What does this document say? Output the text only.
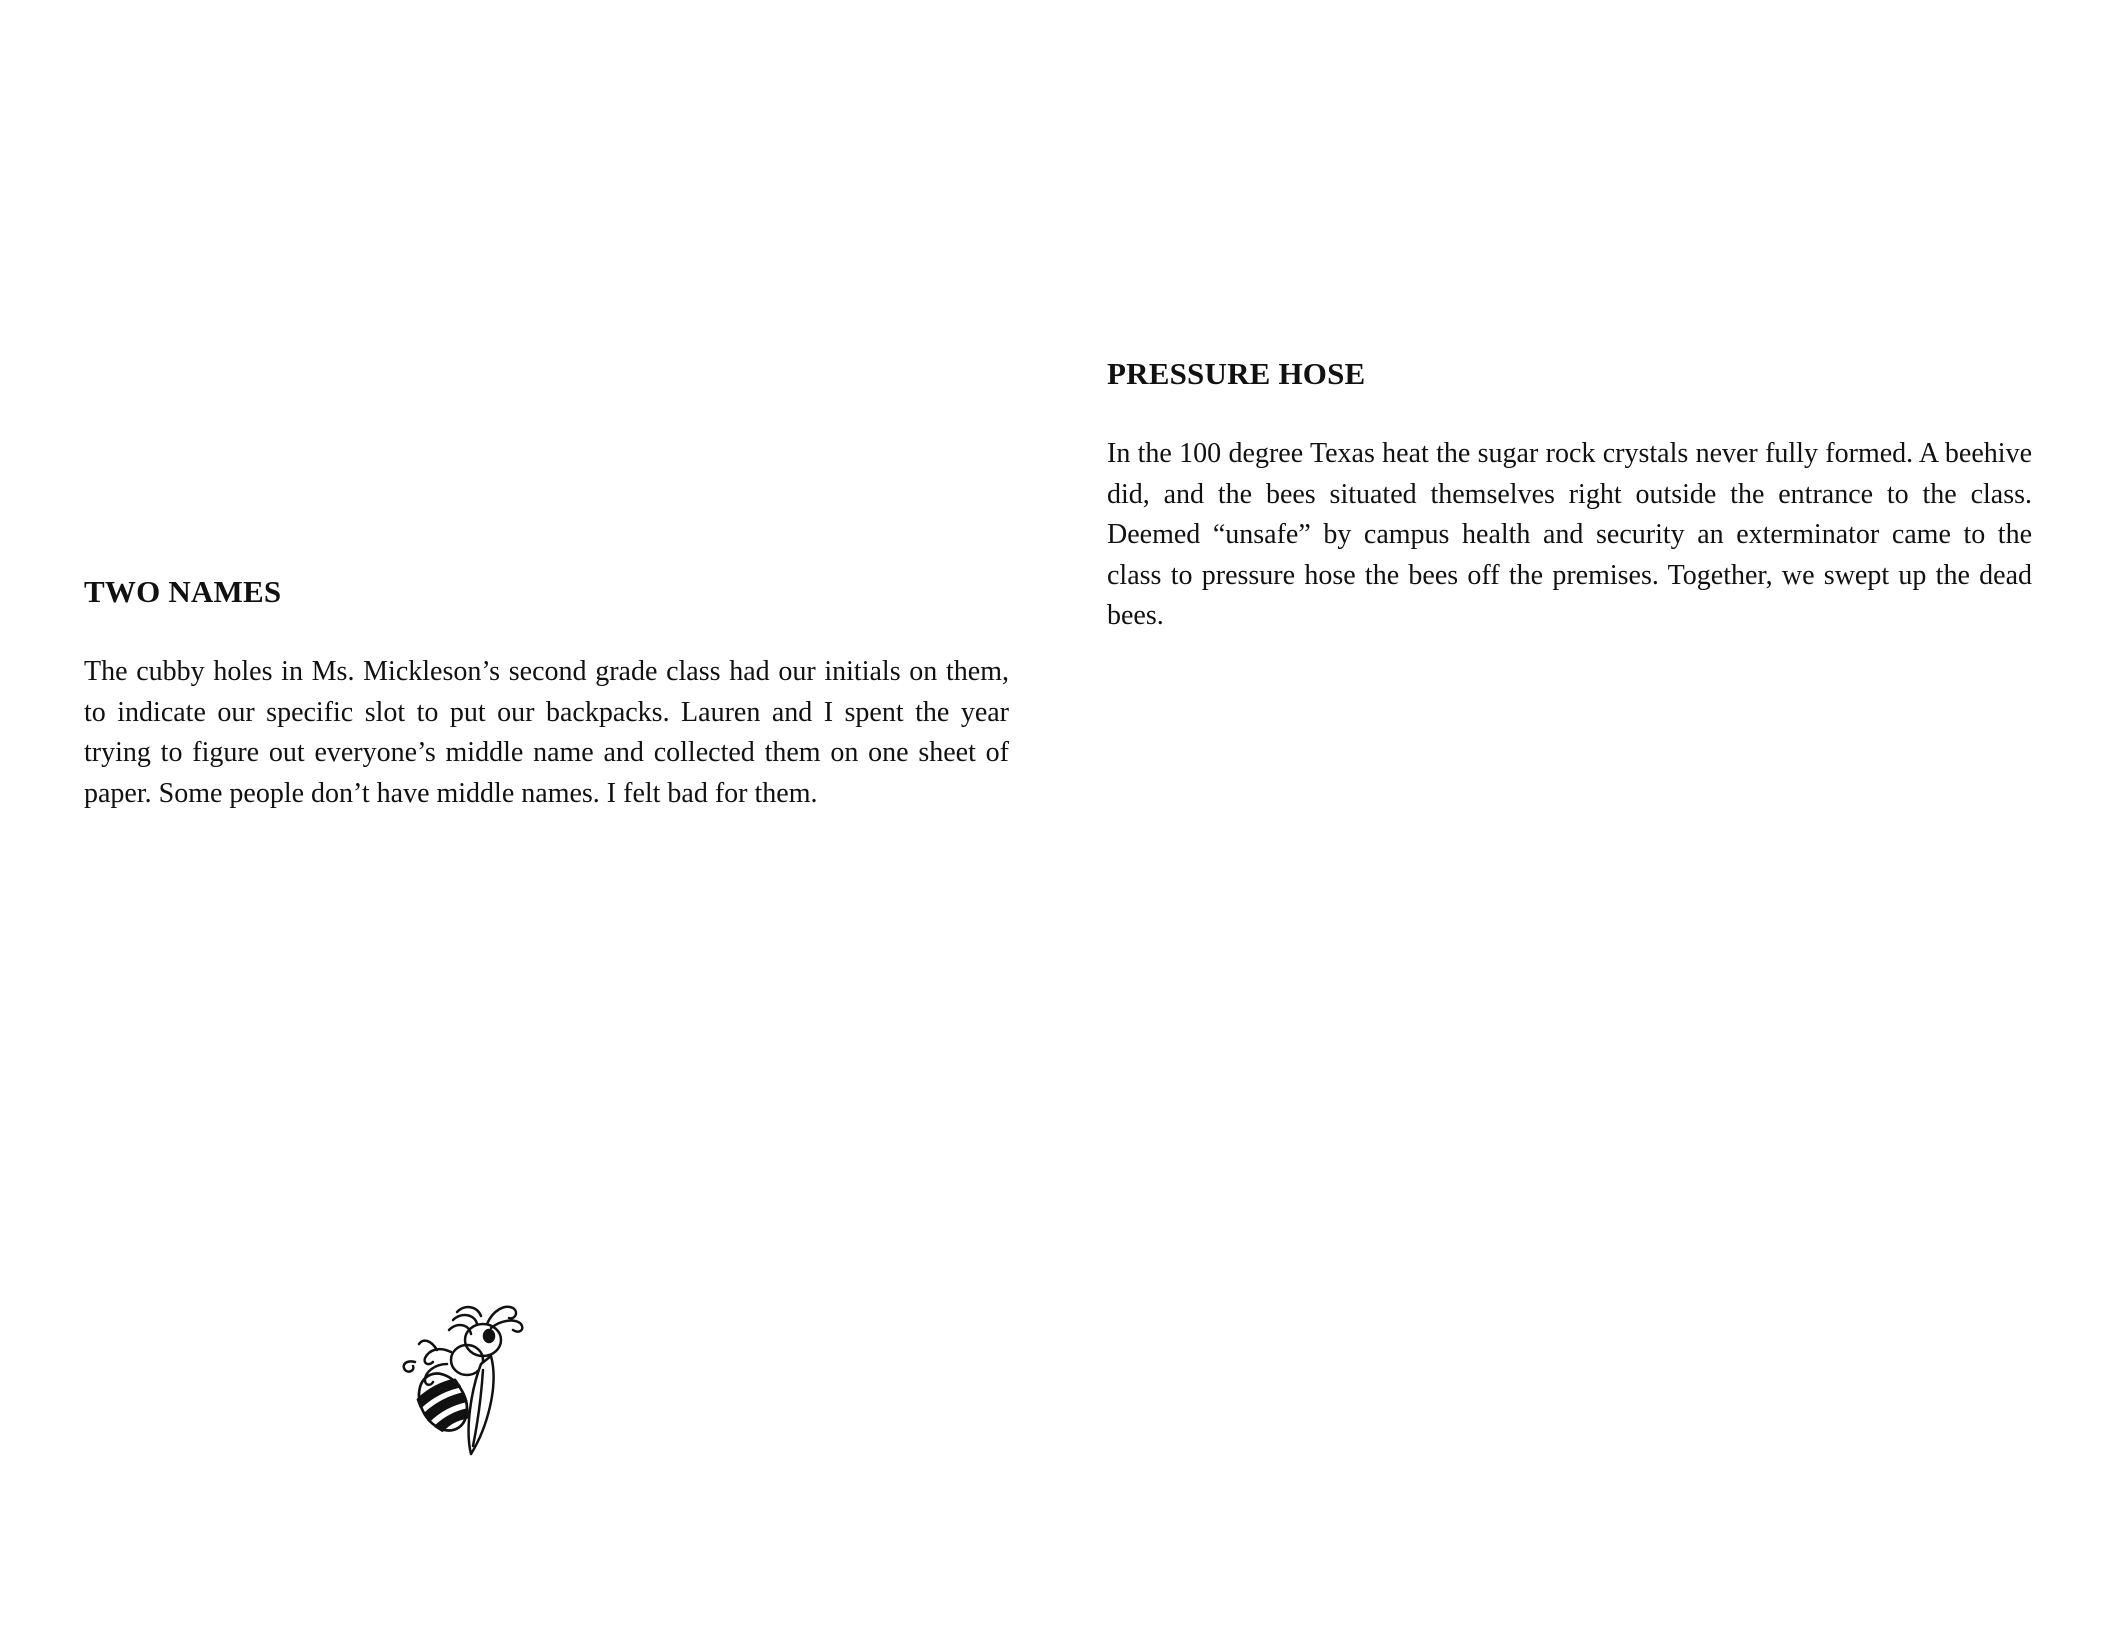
TWO NAMES

The cubby holes in Ms. Mickleson’s second grade class had our initials on them, to indicate our specific slot to put our backpacks. Lauren and I spent the year trying to figure out everyone’s middle name and collected them on one sheet of paper. Some people don’t have middle names. I felt bad for them.

PRESSURE HOSE

In the 100 degree Texas heat the sugar rock crystals never fully formed. A beehive did, and the bees situated themselves right outside the entrance to the class. Deemed “unsafe” by campus health and security an exterminator came to the class to pressure hose the bees off the premises. Together, we swept up the dead bees.
